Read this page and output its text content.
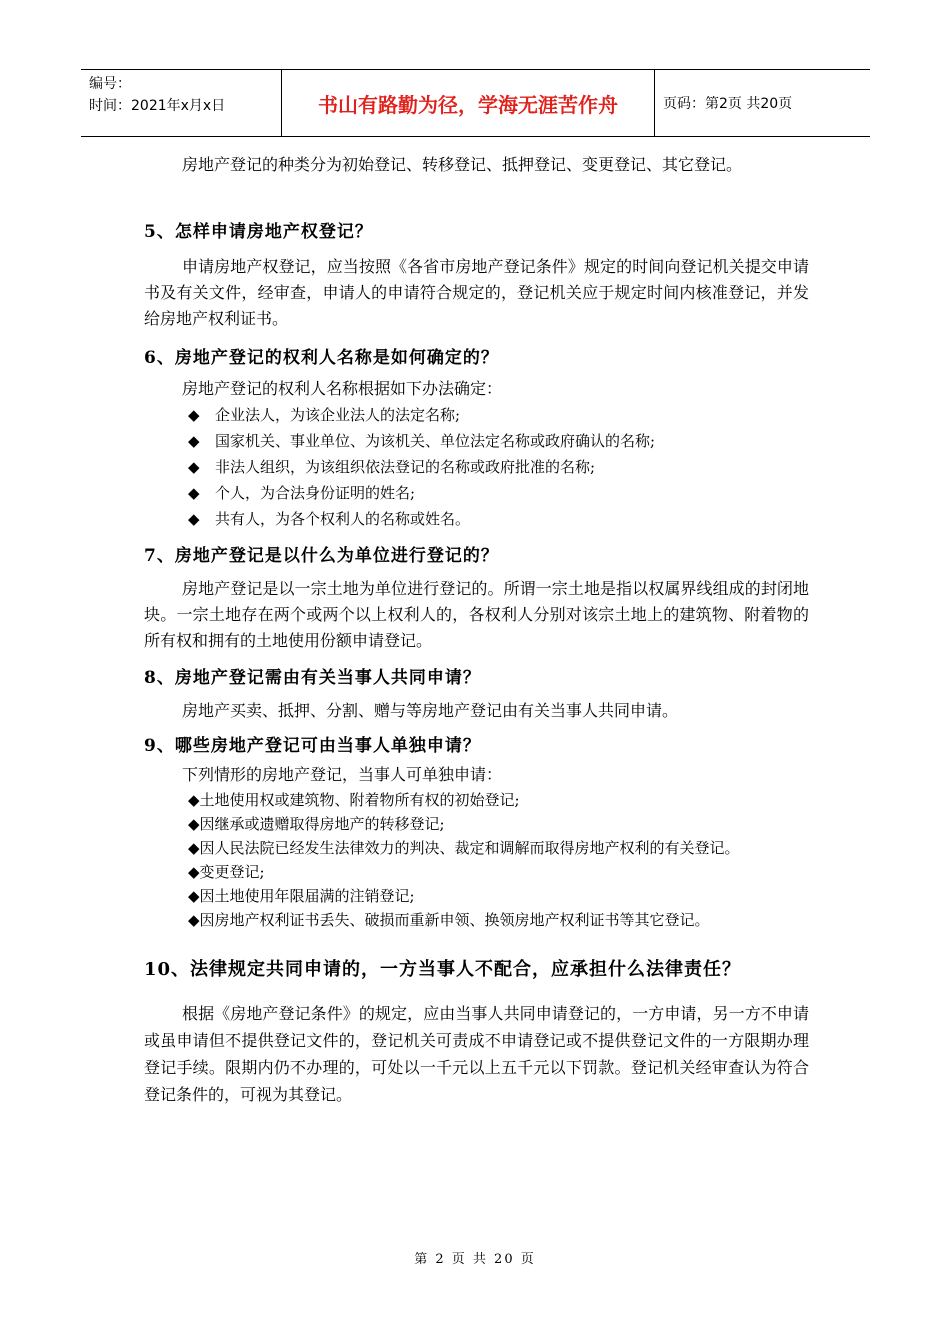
编号：
时间：2021年x月x日	书山有路勤为径，学海无涯苦作舟	页码：第2页 共20页

房地产登记的种类分为初始登记、转移登记、抵押登记、变更登记、其它登记。

5、怎样申请房地产权登记？

申请房地产权登记，应当按照《各省市房地产登记条件》规定的时间向登记机关提交申请书及有关文件，经审查，申请人的申请符合规定的，登记机关应于规定时间内核准登记，并发给房地产权利证书。

6、房地产登记的权利人名称是如何确定的？
房地产登记的权利人名称根据如下办法确定：
◆	企业法人，为该企业法人的法定名称;
◆	国家机关、事业单位、为该机关、单位法定名称或政府确认的名称;
◆	非法人组织，为该组织依法登记的名称或政府批准的名称;
◆	个人，为合法身份证明的姓名;
◆	共有人，为各个权利人的名称或姓名。
7、房地产登记是以什么为单位进行登记的？

房地产登记是以一宗土地为单位进行登记的。所谓一宗土地是指以权属界线组成的封闭地块。一宗土地存在两个或两个以上权利人的，各权利人分别对该宗土地上的建筑物、附着物的所有权和拥有的土地使用份额申请登记。

8、房地产登记需由有关当事人共同申请？

房地产买卖、抵押、分割、赠与等房地产登记由有关当事人共同申请。

9、哪些房地产登记可由当事人单独申请？
下列情形的房地产登记，当事人可单独申请：
◆土地使用权或建筑物、附着物所有权的初始登记;
◆因继承或遗赠取得房地产的转移登记;
◆因人民法院已经发生法律效力的判决、裁定和调解而取得房地产权利的有关登记。
◆变更登记;
◆因土地使用年限届满的注销登记;
◆因房地产权利证书丢失、破损而重新申领、换领房地产权利证书等其它登记。
10、法律规定共同申请的，一方当事人不配合，应承担什么法律责任？

根据《房地产登记条件》的规定，应由当事人共同申请登记的，一方申请，另一方不申请或虽申请但不提供登记文件的，登记机关可责成不申请登记或不提供登记文件的一方限期办理登记手续。限期内仍不办理的，可处以一千元以上五千元以下罚款。登记机关经审查认为符合登记条件的，可视为其登记。

第 2 页 共 20 页
